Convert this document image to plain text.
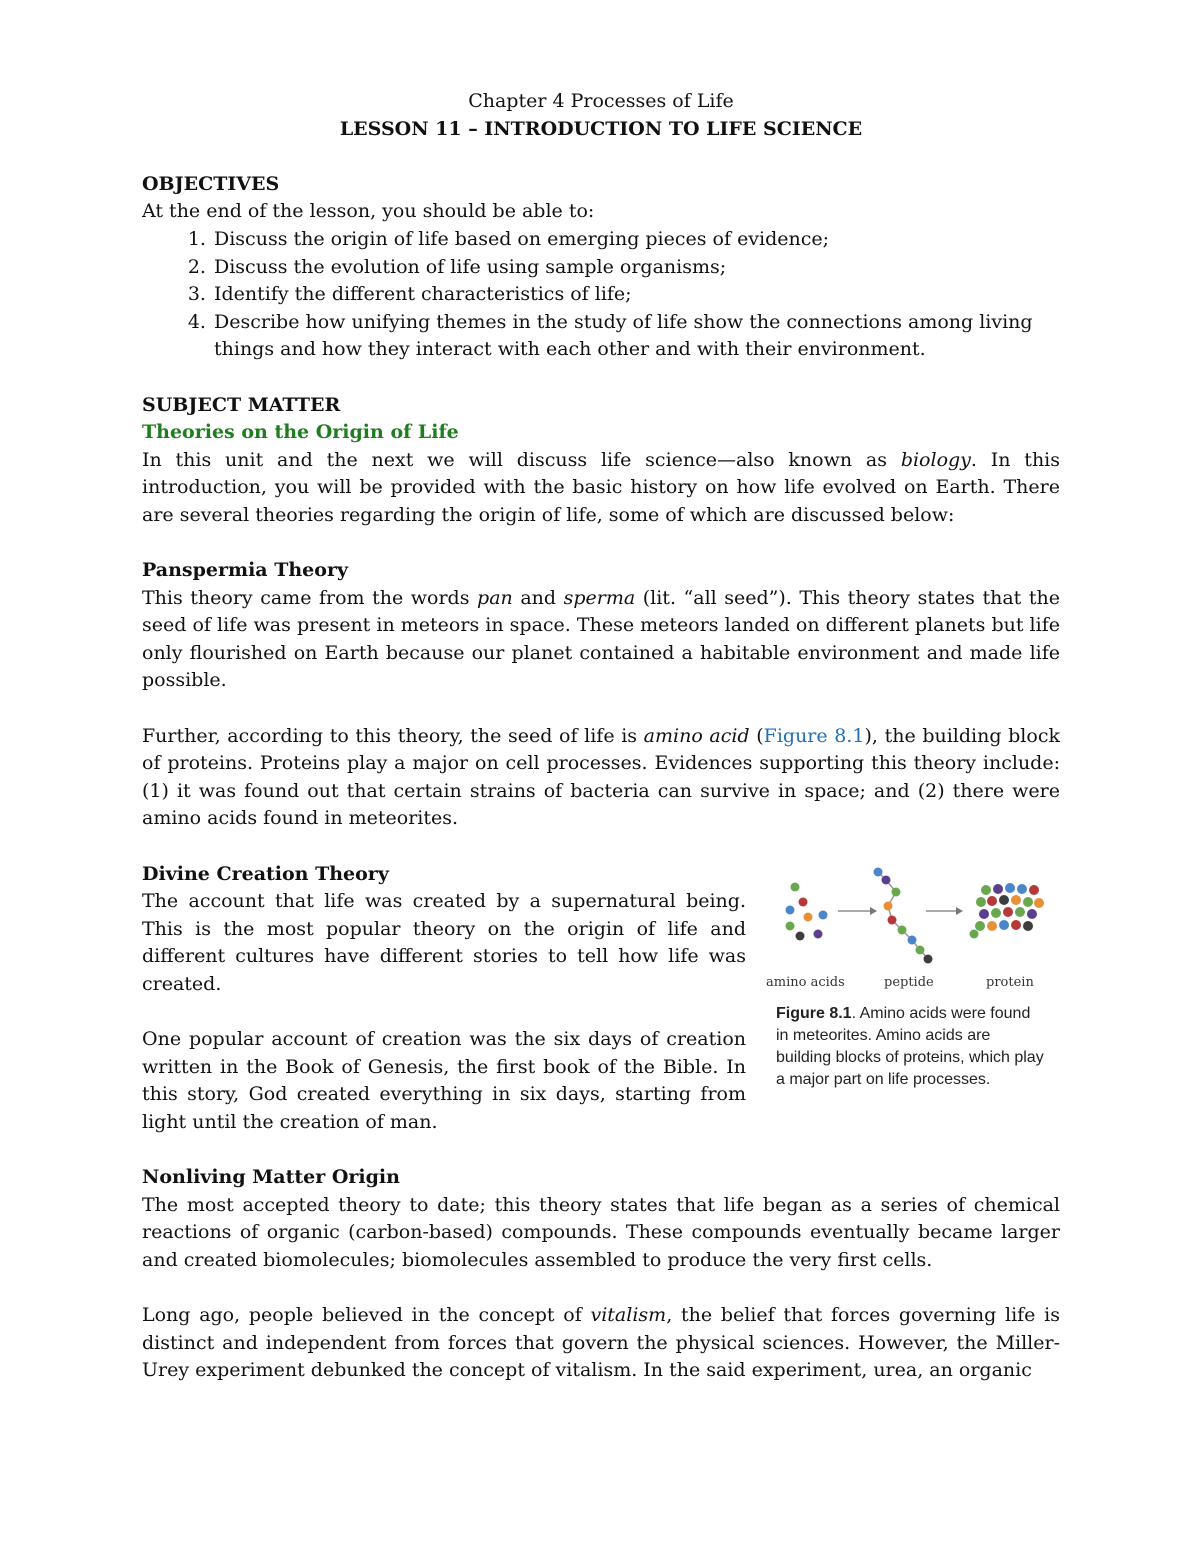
Chapter 4 Processes of Life

LESSON 11 – INTRODUCTION TO LIFE SCIENCE

OBJECTIVES

At the end of the lesson, you should be able to:

1. Discuss the origin of life based on emerging pieces of evidence;
2. Discuss the evolution of life using sample organisms;
3. Identify the different characteristics of life;
4. Describe how unifying themes in the study of life show the connections among living things and how they interact with each other and with their environment.

SUBJECT MATTER

Theories on the Origin of Life

In this unit and the next we will discuss life science—also known as biology. In this introduction, you will be provided with the basic history on how life evolved on Earth. There are several theories regarding the origin of life, some of which are discussed below:

Panspermia Theory

This theory came from the words pan and sperma (lit. “all seed”). This theory states that the seed of life was present in meteors in space. These meteors landed on different planets but life only flourished on Earth because our planet contained a habitable environment and made life possible.

Further, according to this theory, the seed of life is amino acid (Figure 8.1), the building block of proteins. Proteins play a major on cell processes. Evidences supporting this theory include: (1) it was found out that certain strains of bacteria can survive in space; and (2) there were amino acids found in meteorites.

Divine Creation Theory

The account that life was created by a supernatural being. This is the most popular theory on the origin of life and different cultures have different stories to tell how life was created.

One popular account of creation was the six days of creation written in the Book of Genesis, the first book of the Bible. In this story, God created everything in six days, starting from light until the creation of man.

Nonliving Matter Origin

The most accepted theory to date; this theory states that life began as a series of chemical reactions of organic (carbon-based) compounds. These compounds eventually became larger and created biomolecules; biomolecules assembled to produce the very first cells.

Long ago, people believed in the concept of vitalism, the belief that forces governing life is distinct and independent from forces that govern the physical sciences. However, the Miller-Urey experiment debunked the concept of vitalism. In the said experiment, urea, an organic

amino acids	peptide	protein

Figure 8.1. Amino acids were found in meteorites. Amino acids are building blocks of proteins, which play a major part on life processes.
